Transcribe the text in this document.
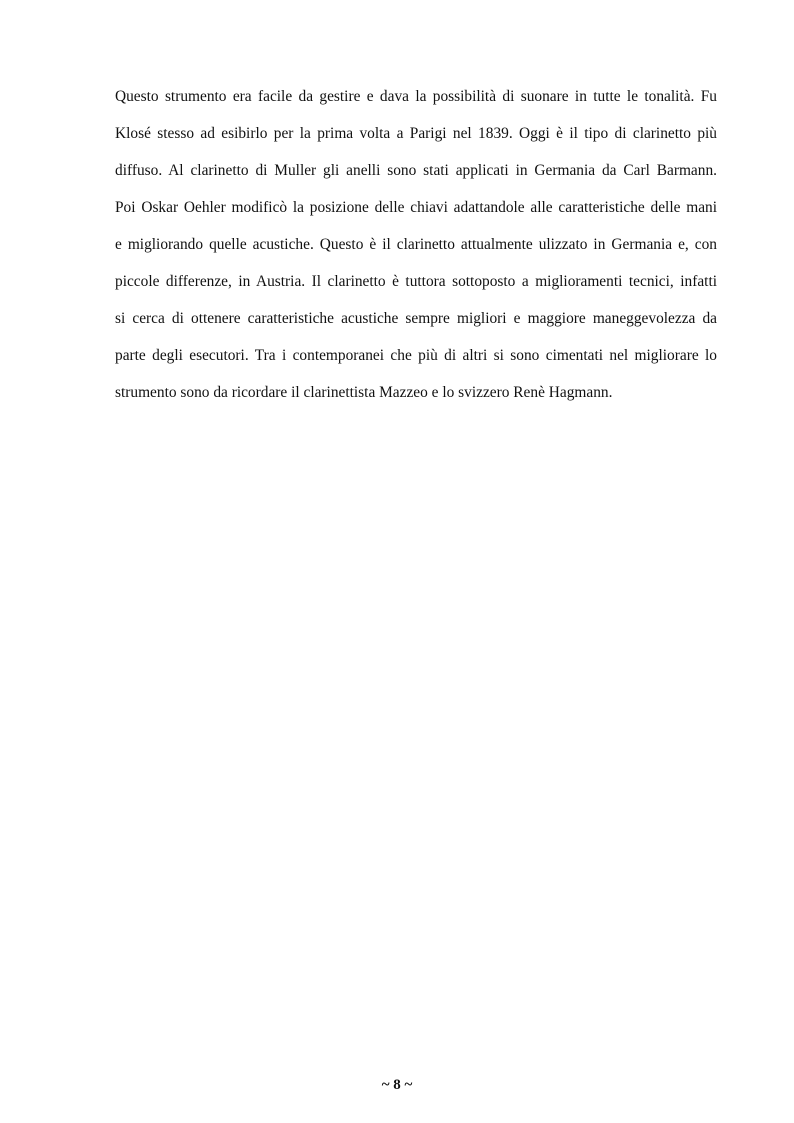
Questo strumento era facile da gestire e dava la possibilità di suonare in tutte le tonalità. Fu
Klosé stesso ad esibirlo per la prima volta a Parigi nel 1839. Oggi è il tipo di clarinetto più
diffuso. Al clarinetto di Muller gli anelli sono stati applicati in Germania da Carl Barmann.
Poi Oskar Oehler modificò la posizione delle chiavi adattandole alle caratteristiche delle mani
e migliorando quelle acustiche. Questo è il clarinetto attualmente ulizzato in Germania e, con
piccole differenze, in Austria. Il clarinetto è tuttora sottoposto a miglioramenti tecnici, infatti
si cerca di ottenere caratteristiche acustiche sempre migliori e maggiore maneggevolezza da
parte degli esecutori. Tra i contemporanei che più di altri si sono cimentati nel migliorare lo
strumento sono da ricordare il clarinettista Mazzeo e lo svizzero Renè Hagmann.
~ 8 ~
